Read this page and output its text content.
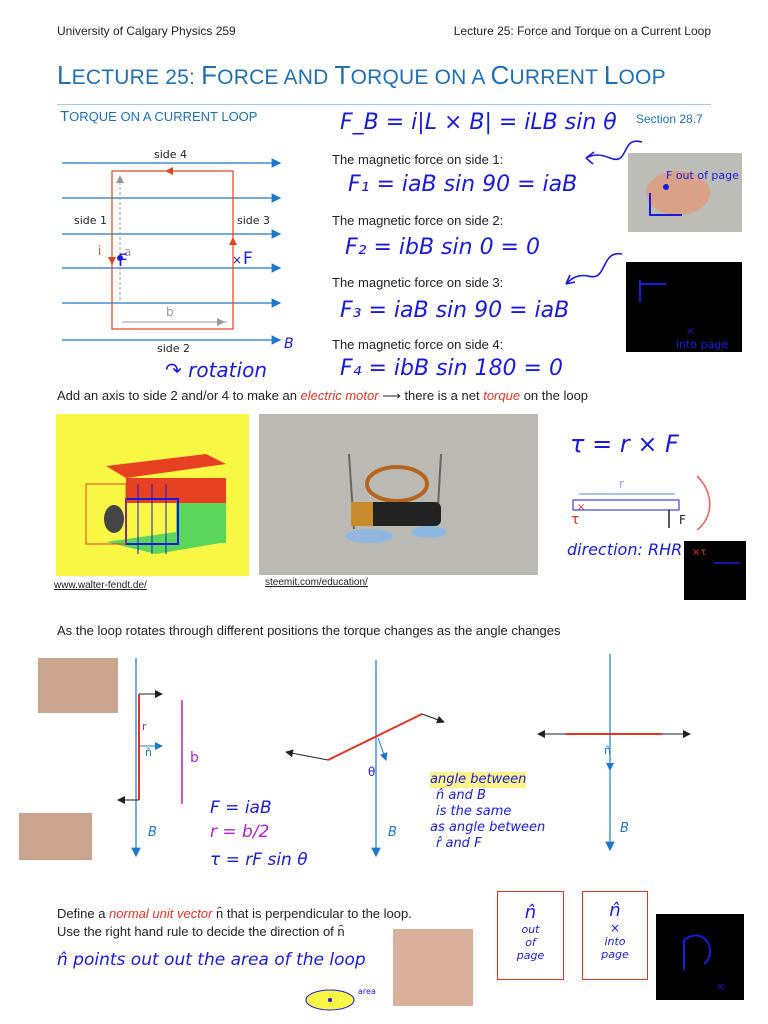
University of Calgary Physics 259	Lecture 25: Force and Torque on a Current Loop
LECTURE 25: FORCE AND TORQUE ON A CURRENT LOOP
TORQUE ON A CURRENT LOOP	Section 28.7
side 4
side 1	side 3
side 2
i a
b
F	× F
B
F_B = i|L × B| = iLB sin θ
The magnetic force on side 1:
F₁ = iaB sin 90 = iaB
The magnetic force on side 2:
F₂ = ibB sin 0 = 0
The magnetic force on side 3:
F₃ = iaB sin 90 = iaB
The magnetic force on side 4:
F₄ = ibB sin 180 = 0
↷ rotation
F out of page
×
into page
Add an axis to side 2 and/or 4 to make an electric motor ⟶ there is a net torque on the loop
www.walter-fendt.de/	steemit.com/education/
τ = r × F
×
τ	F
r
direction: RHR ×τ
As the loop rotates through different positions the torque changes as the angle changes
b
n̂
r
B	B
θ
B
n̂
F = iaB
r = b/2
τ = rF sin θ
angle between
n̂ and B
is the same
as angle between
r̂ and F
Define a normal unit vector n̂ that is perpendicular to the loop.
Use the right hand rule to decide the direction of n̂
n̂ points out out the area of the loop
area
n̂
out
of
page
n̂
×
into
page
×
